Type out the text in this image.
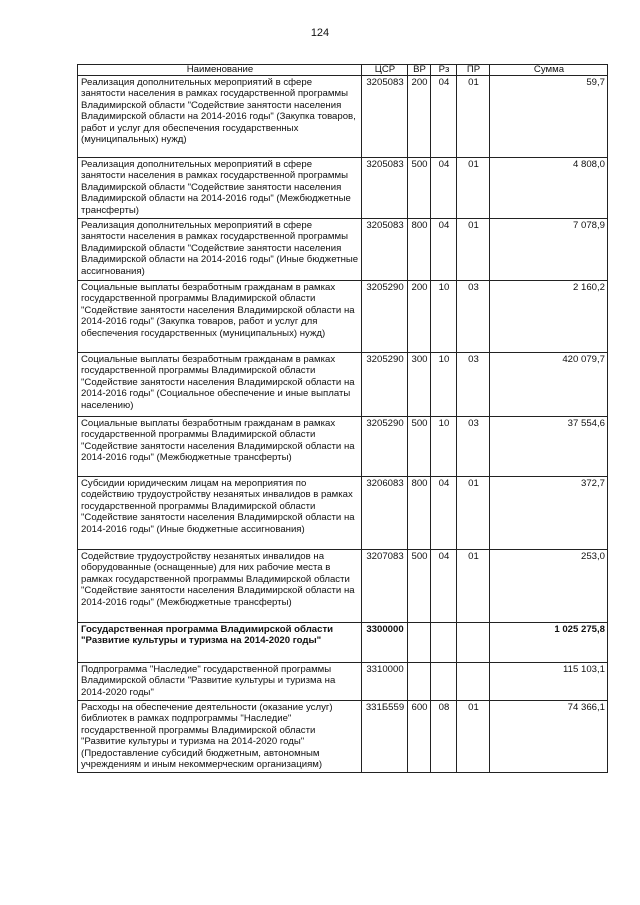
124
Наименование	ЦСР	ВР	Рз	ПР	Сумма
Реализация дополнительных мероприятий в сфере занятости населения в рамках государственной программы Владимирской области "Содействие занятости населения Владимирской области на 2014-2016 годы" (Закупка товаров, работ и услуг для обеспечения государственных (муниципальных) нужд)	3205083	200	04	01	59,7
Реализация дополнительных мероприятий в сфере занятости населения в рамках государственной программы Владимирской области "Содействие занятости населения Владимирской области на 2014-2016 годы" (Межбюджетные трансферты)	3205083	500	04	01	4 808,0
Реализация дополнительных мероприятий в сфере занятости населения в рамках государственной программы Владимирской области "Содействие занятости населения Владимирской области на 2014-2016 годы" (Иные бюджетные ассигнования)	3205083	800	04	01	7 078,9
Социальные выплаты безработным гражданам в рамках государственной программы Владимирской области "Содействие занятости населения Владимирской области на 2014-2016 годы" (Закупка товаров, работ и услуг для обеспечения государственных (муниципальных) нужд)	3205290	200	10	03	2 160,2
Социальные выплаты безработным гражданам в рамках государственной программы Владимирской области "Содействие занятости населения Владимирской области на 2014-2016 годы" (Социальное обеспечение и иные выплаты населению)	3205290	300	10	03	420 079,7
Социальные выплаты безработным гражданам в рамках государственной программы Владимирской области "Содействие занятости населения Владимирской области на 2014-2016 годы" (Межбюджетные трансферты)	3205290	500	10	03	37 554,6
Субсидии юридическим лицам на мероприятия по содействию трудоустройству незанятых инвалидов в рамках государственной программы Владимирской области "Содействие занятости населения Владимирской области на 2014-2016 годы" (Иные бюджетные ассигнования)	3206083	800	04	01	372,7
Содействие трудоустройству незанятых инвалидов на оборудованные (оснащенные) для них рабочие места в рамках государственной программы Владимирской области "Содействие занятости населения Владимирской области на 2014-2016 годы" (Межбюджетные трансферты)	3207083	500	04	01	253,0
Государственная программа Владимирской области "Развитие культуры и туризма на 2014-2020 годы"	3300000				1 025 275,8
Подпрограмма "Наследие" государственной программы Владимирской области "Развитие культуры и туризма на 2014-2020 годы"	3310000				115 103,1
Расходы на обеспечение деятельности (оказание услуг) библиотек в рамках подпрограммы "Наследие" государственной программы Владимирской области "Развитие культуры и туризма на 2014-2020 годы" (Предоставление субсидий бюджетным, автономным учреждениям и иным некоммерческим организациям)	331Б559	600	08	01	74 366,1
